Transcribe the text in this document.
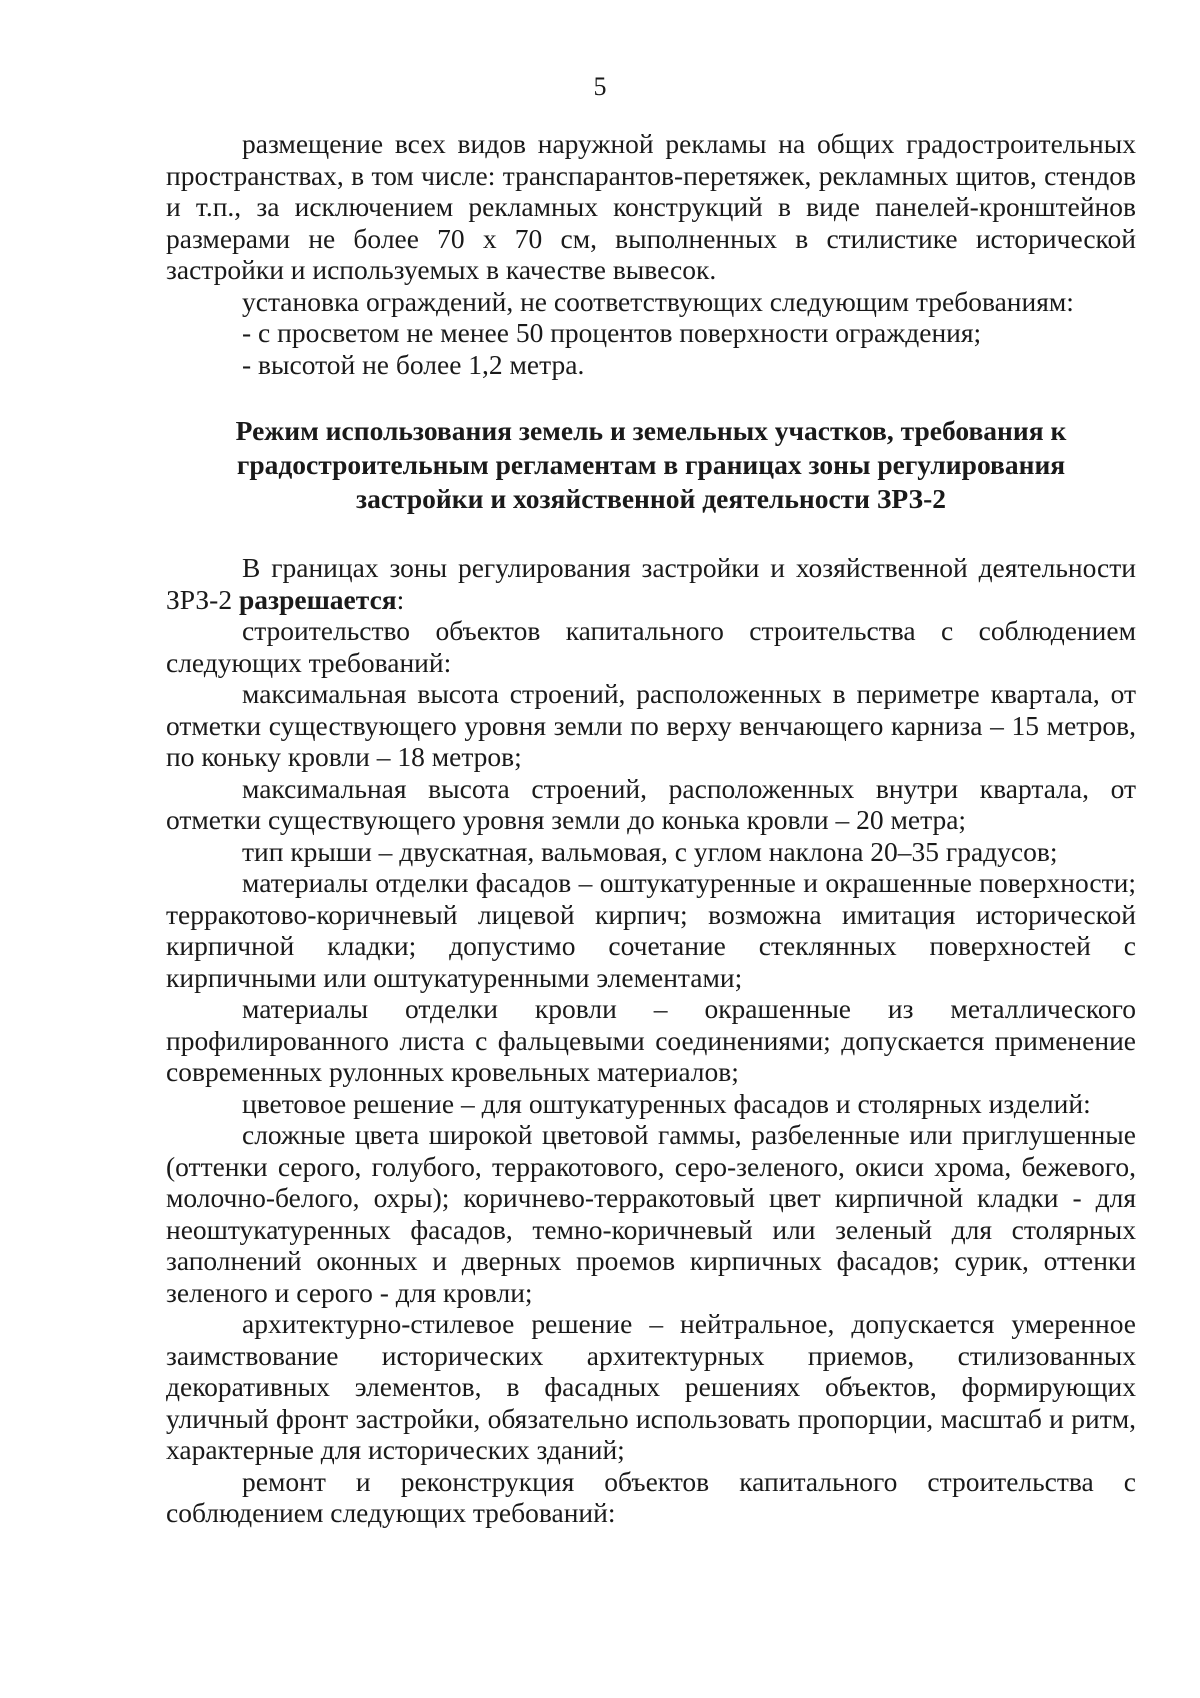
5

размещение всех видов наружной рекламы на общих градостроительных пространствах, в том числе: транспарантов-перетяжек, рекламных щитов, стендов и т.п., за исключением рекламных конструкций в виде панелей-кронштейнов размерами не более 70 х 70 см, выполненных в стилистике исторической застройки и используемых в качестве вывесок.

установка ограждений, не соответствующих следующим требованиям:

- с просветом не менее 50 процентов поверхности ограждения;

- высотой не более 1,2 метра.

Режим использования земель и земельных участков, требования к
градостроительным регламентам в границах зоны регулирования
застройки и хозяйственной деятельности ЗРЗ-2

В границах зоны регулирования застройки и хозяйственной деятельности ЗРЗ-2 разрешается:

строительство объектов капитального строительства с соблюдением следующих требований:

максимальная высота строений, расположенных в периметре квартала, от отметки существующего уровня земли по верху венчающего карниза – 15 метров, по коньку кровли – 18 метров;

максимальная высота строений, расположенных внутри квартала, от отметки существующего уровня земли до конька кровли – 20 метра;

тип крыши – двускатная, вальмовая, с углом наклона 20–35 градусов;

материалы отделки фасадов – оштукатуренные и окрашенные поверхности; терракотово-коричневый лицевой кирпич; возможна имитация исторической кирпичной кладки; допустимо сочетание стеклянных поверхностей с кирпичными или оштукатуренными элементами;

материалы отделки кровли – окрашенные из металлического профилированного листа с фальцевыми соединениями; допускается применение современных рулонных кровельных материалов;

цветовое решение – для оштукатуренных фасадов и столярных изделий:

сложные цвета широкой цветовой гаммы, разбеленные или приглушенные (оттенки серого, голубого, терракотового, серо-зеленого, окиси хрома, бежевого, молочно-белого, охры); коричнево-терракотовый цвет кирпичной кладки - для неоштукатуренных фасадов, темно-коричневый или зеленый для столярных заполнений оконных и дверных проемов кирпичных фасадов; сурик, оттенки зеленого и серого - для кровли;

архитектурно-стилевое решение – нейтральное, допускается умеренное заимствование исторических архитектурных приемов, стилизованных декоративных элементов, в фасадных решениях объектов, формирующих уличный фронт застройки, обязательно использовать пропорции, масштаб и ритм, характерные для исторических зданий;

ремонт и реконструкция объектов капитального строительства с соблюдением следующих требований:
